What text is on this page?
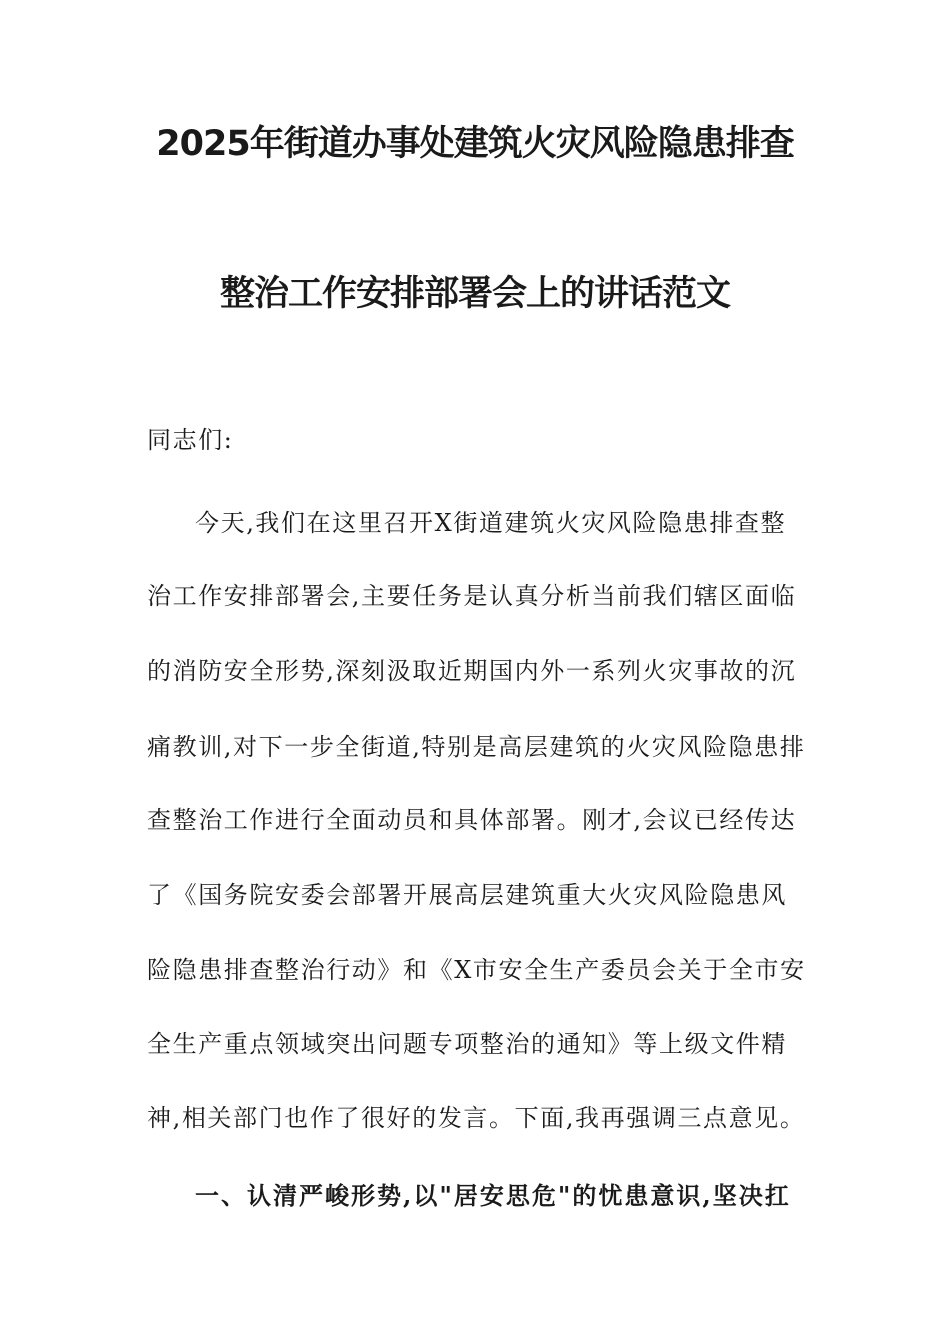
2025年街道办事处建筑火灾风险隐患排查
整治工作安排部署会上的讲话范文
同志们:
今天,我们在这里召开X街道建筑火灾风险隐患排查整
治工作安排部署会,主要任务是认真分析当前我们辖区面临
的消防安全形势,深刻汲取近期国内外一系列火灾事故的沉
痛教训,对下一步全街道,特别是高层建筑的火灾风险隐患排
查整治工作进行全面动员和具体部署。刚才,会议已经传达
了《国务院安委会部署开展高层建筑重大火灾风险隐患风
险隐患排查整治行动》和《X市安全生产委员会关于全市安
全生产重点领域突出问题专项整治的通知》等上级文件精
神,相关部门也作了很好的发言。下面,我再强调三点意见。
一、认清严峻形势,以"居安思危"的忧患意识,坚决扛
